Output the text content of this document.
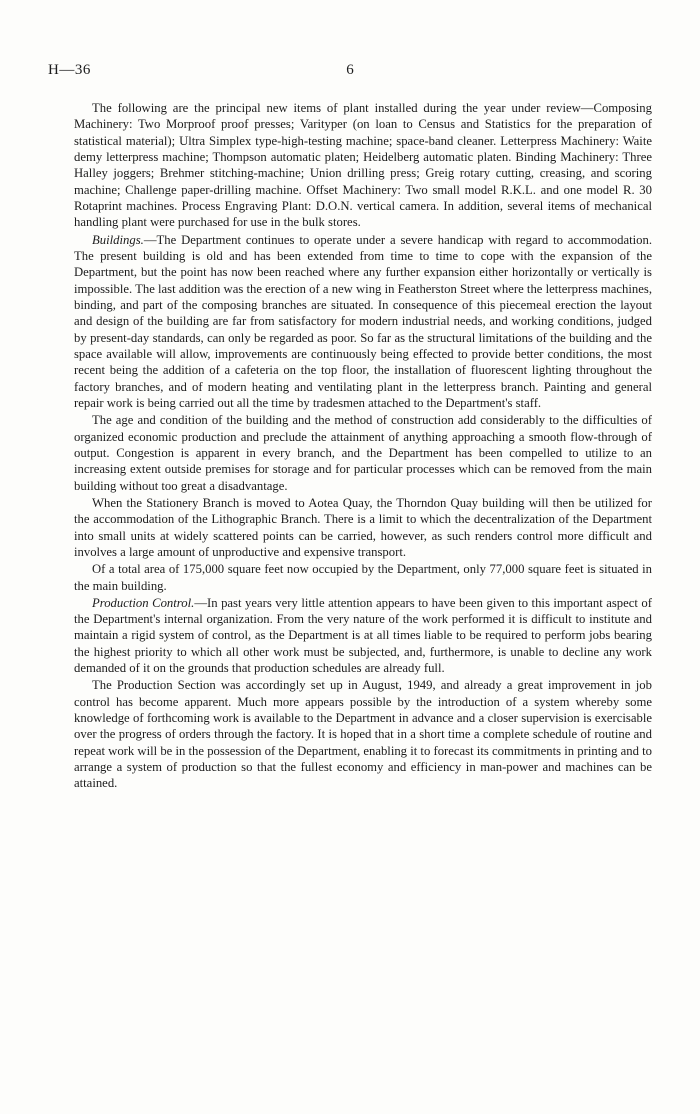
H—36	6

The following are the principal new items of plant installed during the year under review—Composing Machinery: Two Morproof proof presses; Varityper (on loan to Census and Statistics for the preparation of statistical material); Ultra Simplex type-high-testing machine; space-band cleaner. Letterpress Machinery: Waite demy letterpress machine; Thompson automatic platen; Heidelberg automatic platen. Binding Machinery: Three Halley joggers; Brehmer stitching-machine; Union drilling press; Greig rotary cutting, creasing, and scoring machine; Challenge paper-drilling machine. Offset Machinery: Two small model R.K.L. and one model R. 30 Rotaprint machines. Process Engraving Plant: D.O.N. vertical camera. In addition, several items of mechanical handling plant were purchased for use in the bulk stores.

Buildings.—The Department continues to operate under a severe handicap with regard to accommodation. The present building is old and has been extended from time to time to cope with the expansion of the Department, but the point has now been reached where any further expansion either horizontally or vertically is impossible. The last addition was the erection of a new wing in Featherston Street where the letterpress machines, binding, and part of the composing branches are situated. In consequence of this piecemeal erection the layout and design of the building are far from satisfactory for modern industrial needs, and working conditions, judged by present-day standards, can only be regarded as poor. So far as the structural limitations of the building and the space available will allow, improvements are continuously being effected to provide better conditions, the most recent being the addition of a cafeteria on the top floor, the installation of fluorescent lighting throughout the factory branches, and of modern heating and ventilating plant in the letterpress branch. Painting and general repair work is being carried out all the time by tradesmen attached to the Department's staff.

The age and condition of the building and the method of construction add considerably to the difficulties of organized economic production and preclude the attainment of anything approaching a smooth flow-through of output. Congestion is apparent in every branch, and the Department has been compelled to utilize to an increasing extent outside premises for storage and for particular processes which can be removed from the main building without too great a disadvantage.

When the Stationery Branch is moved to Aotea Quay, the Thorndon Quay building will then be utilized for the accommodation of the Lithographic Branch. There is a limit to which the decentralization of the Department into small units at widely scattered points can be carried, however, as such renders control more difficult and involves a large amount of unproductive and expensive transport.

Of a total area of 175,000 square feet now occupied by the Department, only 77,000 square feet is situated in the main building.

Production Control.—In past years very little attention appears to have been given to this important aspect of the Department's internal organization. From the very nature of the work performed it is difficult to institute and maintain a rigid system of control, as the Department is at all times liable to be required to perform jobs bearing the highest priority to which all other work must be subjected, and, furthermore, is unable to decline any work demanded of it on the grounds that production schedules are already full.

The Production Section was accordingly set up in August, 1949, and already a great improvement in job control has become apparent. Much more appears possible by the introduction of a system whereby some knowledge of forthcoming work is available to the Department in advance and a closer supervision is exercisable over the progress of orders through the factory. It is hoped that in a short time a complete schedule of routine and repeat work will be in the possession of the Department, enabling it to forecast its commitments in printing and to arrange a system of production so that the fullest economy and efficiency in man-power and machines can be attained.
